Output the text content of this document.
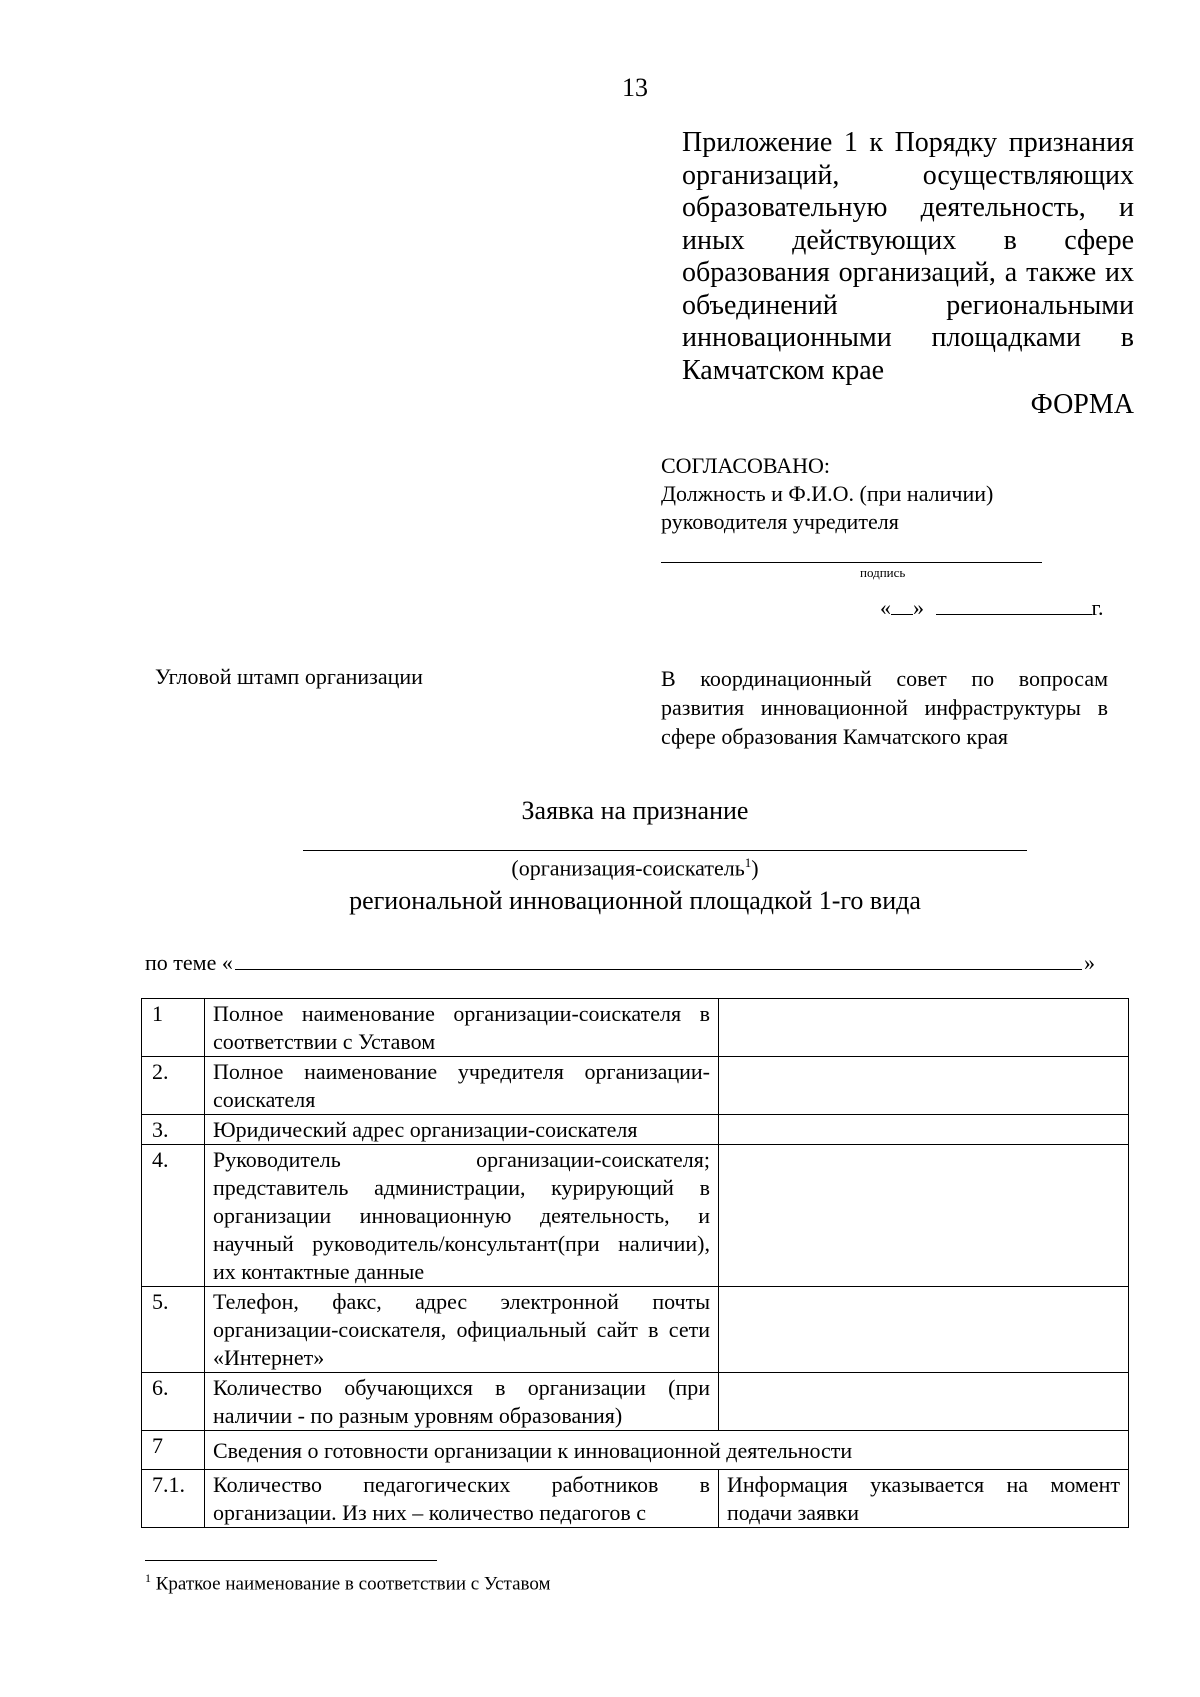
13
Приложение 1 к Порядку признания организаций, осуществляющих образовательную деятельность, и иных действующих в сфере образования организаций, а также их объединений региональными инновационными площадками в Камчатском крае
ФОРМА
СОГЛАСОВАНО:
Должность и Ф.И.О. (при наличии)
руководителя учредителя
подпись
« »	г.
Угловой штамп организации	В координационный совет по вопросам развития инновационной инфраструктуры в сфере образования Камчатского края
Заявка на признание
(организация-соискатель$^1$)
региональной инновационной площадкой 1-го вида
по теме «	»
1	Полное наименование организации-соискателя в соответствии с Уставом	
2.	Полное наименование учредителя организации-соискателя	
3.	Юридический адрес организации-соискателя	
4.	Руководитель организации-соискателя; представитель администрации, курирующий в организации инновационную деятельность, и научный руководитель/консультант(при наличии), их контактные данные	
5.	Телефон, факс, адрес электронной почты организации-соискателя, официальный сайт в сети «Интернет»	
6.	Количество обучающихся в организации (при наличии - по разным уровням образования)	
7	Сведения о готовности организации к инновационной деятельности	
7.1.	Количество педагогических работников в организации. Из них – количество педагогов с	Информация указывается на момент подачи заявки
$^1$ Краткое наименование в соответствии с Уставом
